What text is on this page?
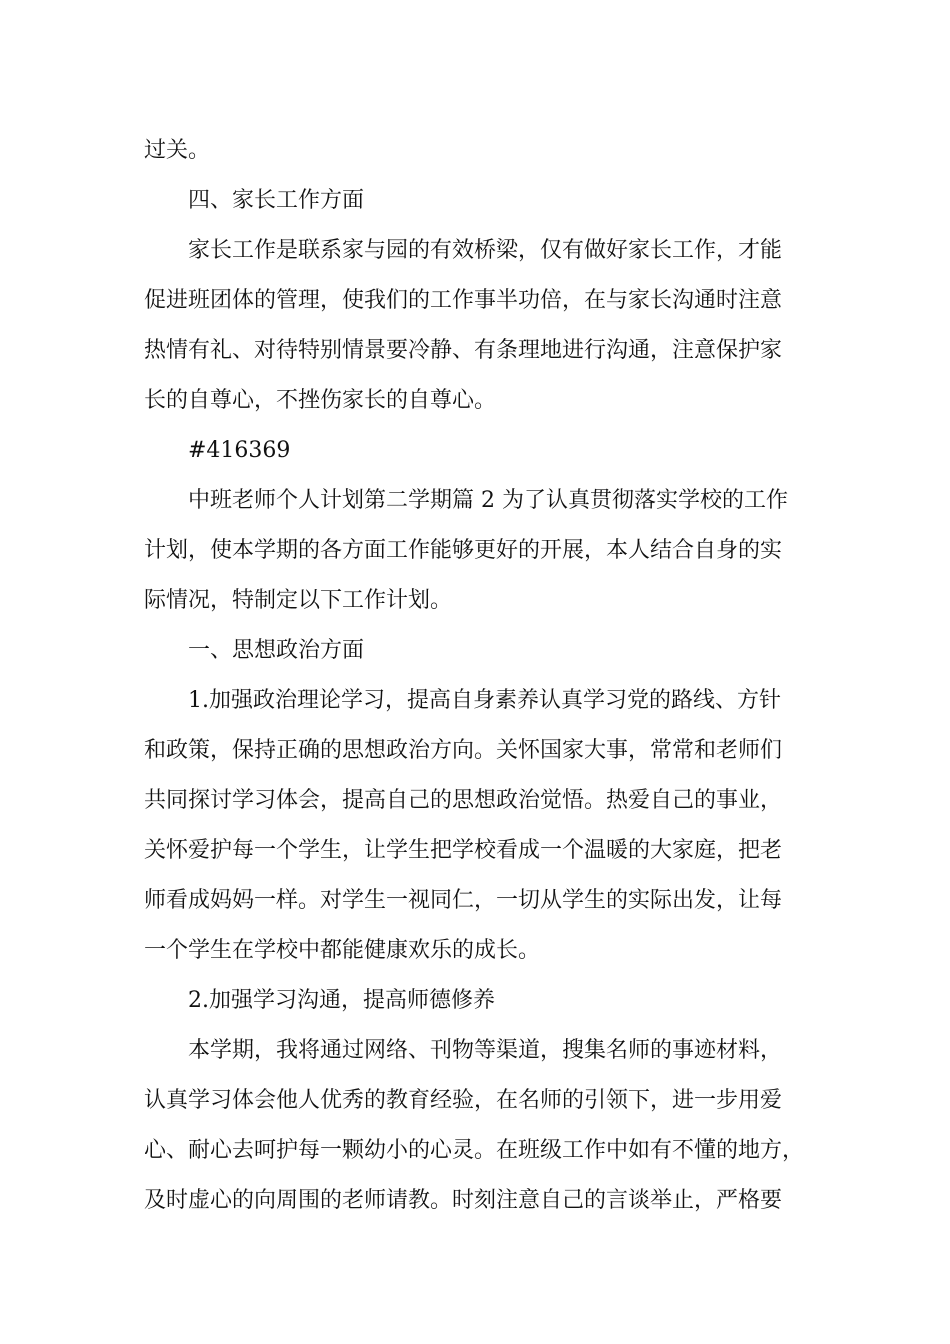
过关。
四、家长工作方面
家长工作是联系家与园的有效桥梁，仅有做好家长工作，才能
促进班团体的管理，使我们的工作事半功倍，在与家长沟通时注意
热情有礼、对待特别情景要冷静、有条理地进行沟通，注意保护家
长的自尊心，不挫伤家长的自尊心。
#416369
中班老师个人计划第二学期篇 2 为了认真贯彻落实学校的工作
计划，使本学期的各方面工作能够更好的开展，本人结合自身的实
际情况，特制定以下工作计划。
一、思想政治方面
1.加强政治理论学习，提高自身素养认真学习党的路线、方针
和政策，保持正确的思想政治方向。关怀国家大事，常常和老师们
共同探讨学习体会，提高自己的思想政治觉悟。热爱自己的事业，
关怀爱护每一个学生，让学生把学校看成一个温暖的大家庭，把老
师看成妈妈一样。对学生一视同仁，一切从学生的实际出发，让每
一个学生在学校中都能健康欢乐的成长。
2.加强学习沟通，提高师德修养
本学期，我将通过网络、刊物等渠道，搜集名师的事迹材料，
认真学习体会他人优秀的教育经验，在名师的引领下，进一步用爱
心、耐心去呵护每一颗幼小的心灵。在班级工作中如有不懂的地方，
及时虚心的向周围的老师请教。时刻注意自己的言谈举止，严格要
